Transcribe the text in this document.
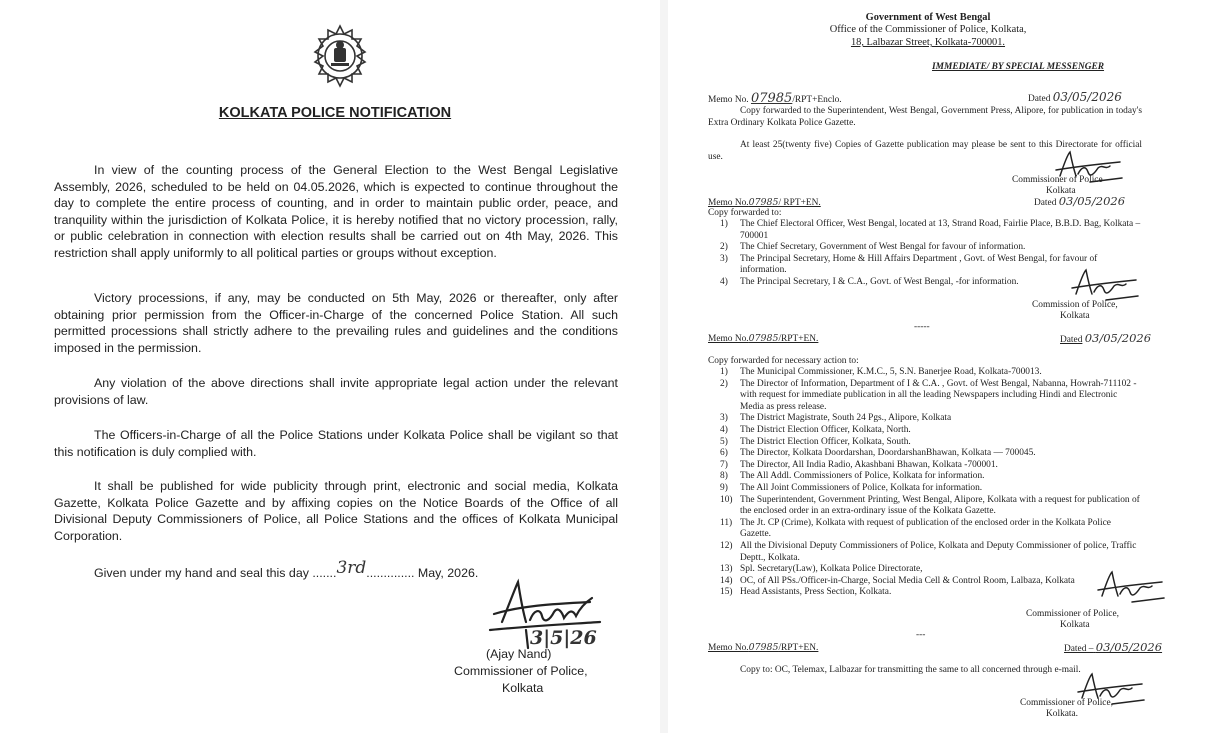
KOLKATA POLICE NOTIFICATION
In view of the counting process of the General Election to the West Bengal Legislative Assembly, 2026, scheduled to be held on 04.05.2026, which is expected to continue throughout the day to complete the entire process of counting, and in order to maintain public order, peace, and tranquility within the jurisdiction of Kolkata Police, it is hereby notified that no victory procession, rally, or public celebration in connection with election results shall be carried out on 4th May, 2026. This restriction shall apply uniformly to all political parties or groups without exception.
Victory processions, if any, may be conducted on 5th May, 2026 or thereafter, only after obtaining prior permission from the Officer-in-Charge of the concerned Police Station. All such permitted processions shall strictly adhere to the prevailing rules and guidelines and the conditions imposed in the permission.
Any violation of the above directions shall invite appropriate legal action under the relevant provisions of law.
The Officers-in-Charge of all the Police Stations under Kolkata Police shall be vigilant so that this notification is duly complied with.
It shall be published for wide publicity through print, electronic and social media, Kolkata Gazette, Kolkata Police Gazette and by affixing copies on the Notice Boards of the Office of all Divisional Deputy Commissioners of Police, all Police Stations and the offices of Kolkata Municipal Corporation.
Given under my hand and seal this day .......3rd.............. May, 2026.
3|5|26
(Ajay Nand)
Commissioner of Police,
Kolkata
Government of West Bengal
Office of the Commissioner of Police, Kolkata,
18, Lalbazar Street, Kolkata-700001.
IMMEDIATE/ BY SPECIAL MESSENGER
Memo No. 07985/RPT+Enclo.	Dated 03/05/2026
Copy forwarded to the Superintendent, West Bengal, Government Press, Alipore, for publication in today's Extra Ordinary Kolkata Police Gazette.
At least 25(twenty five) Copies of Gazette publication may please be sent to this Directorate for official use.
Commissioner of Police
Kolkata
Memo No.07985/ RPT+EN.	Dated 03/05/2026
Copy forwarded to:
1) The Chief Electoral Officer, West Bengal, located at 13, Strand Road, Fairlie Place, B.B.D. Bag, Kolkata – 700001
2) The Chief Secretary, Government of West Bengal for favour of information.
3) The Principal Secretary, Home & Hill Affairs Department , Govt. of West Bengal, for favour of information.
4) The Principal Secretary, I & C.A., Govt. of West Bengal, -for information.
Commission of Police,
Kolkata
-----
Memo No.07985/RPT+EN.	Dated 03/05/2026
Copy forwarded for necessary action to:
1) The Municipal Commissioner, K.M.C., 5, S.N. Banerjee Road, Kolkata-700013.
2) The Director of Information, Department of I & C.A. , Govt. of West Bengal, Nabanna, Howrah-711102 -with request for immediate publication in all the leading Newspapers including Hindi and Electronic Media as press release.
3) The District Magistrate, South 24 Pgs., Alipore, Kolkata
4) The District Election Officer, Kolkata, North.
5) The District Election Officer, Kolkata, South.
6) The Director, Kolkata Doordarshan, DoordarshanBhawan, Kolkata — 700045.
7) The Director, All India Radio, Akashbani Bhawan, Kolkata -700001.
8) The All Addl. Commissioners of Police, Kolkata for information.
9) The All Joint Commissioners of Police, Kolkata for information.
10) The Superintendent, Government Printing, West Bengal, Alipore, Kolkata with a request for publication of the enclosed order in an extra-ordinary issue of the Kolkata Gazette.
11) The Jt. CP (Crime), Kolkata with request of publication of the enclosed order in the Kolkata Police Gazette.
12) All the Divisional Deputy Commissioners of Police, Kolkata and Deputy Commissioner of police, Traffic Deptt., Kolkata.
13) Spl. Secretary(Law), Kolkata Police Directorate,
14) OC, of All PSs./Officer-in-Charge, Social Media Cell & Control Room, Lalbaza, Kolkata
15) Head Assistants, Press Section, Kolkata.
Commissioner of Police,
Kolkata
---
Memo No.07985/RPT+EN.	Dated – 03/05/2026
Copy to: OC, Telemax, Lalbazar for transmitting the same to all concerned through e-mail.
Commissioner of Police,
Kolkata.
